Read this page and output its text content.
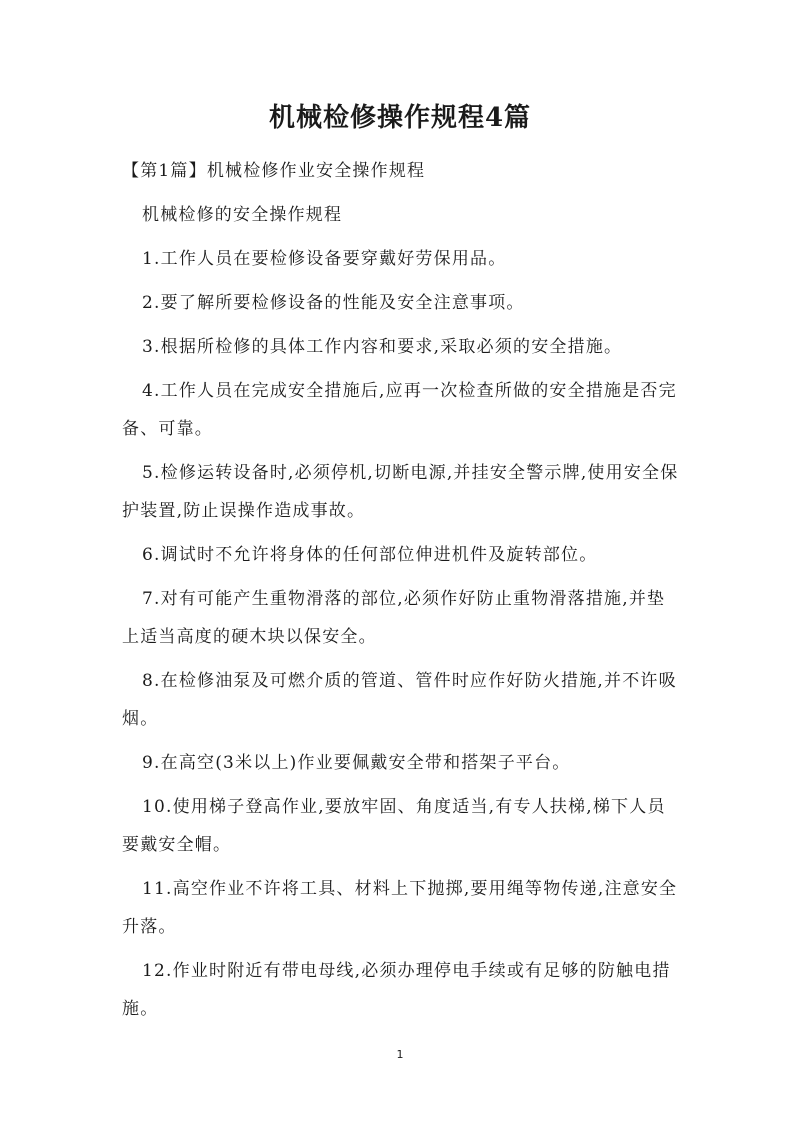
机械检修操作规程4篇

【第1篇】机械检修作业安全操作规程

机械检修的安全操作规程

1.工作人员在要检修设备要穿戴好劳保用品。

2.要了解所要检修设备的性能及安全注意事项。

3.根据所检修的具体工作内容和要求,采取必须的安全措施。

4.工作人员在完成安全措施后,应再一次检查所做的安全措施是否完备、可靠。

5.检修运转设备时,必须停机,切断电源,并挂安全警示牌,使用安全保护装置,防止误操作造成事故。

6.调试时不允许将身体的任何部位伸进机件及旋转部位。

7.对有可能产生重物滑落的部位,必须作好防止重物滑落措施,并垫上适当高度的硬木块以保安全。

8.在检修油泵及可燃介质的管道、管件时应作好防火措施,并不许吸烟。

9.在高空(3米以上)作业要佩戴安全带和搭架子平台。

10.使用梯子登高作业,要放牢固、角度适当,有专人扶梯,梯下人员要戴安全帽。

11.高空作业不许将工具、材料上下抛掷,要用绳等物传递,注意安全升落。

12.作业时附近有带电母线,必须办理停电手续或有足够的防触电措施。

1
